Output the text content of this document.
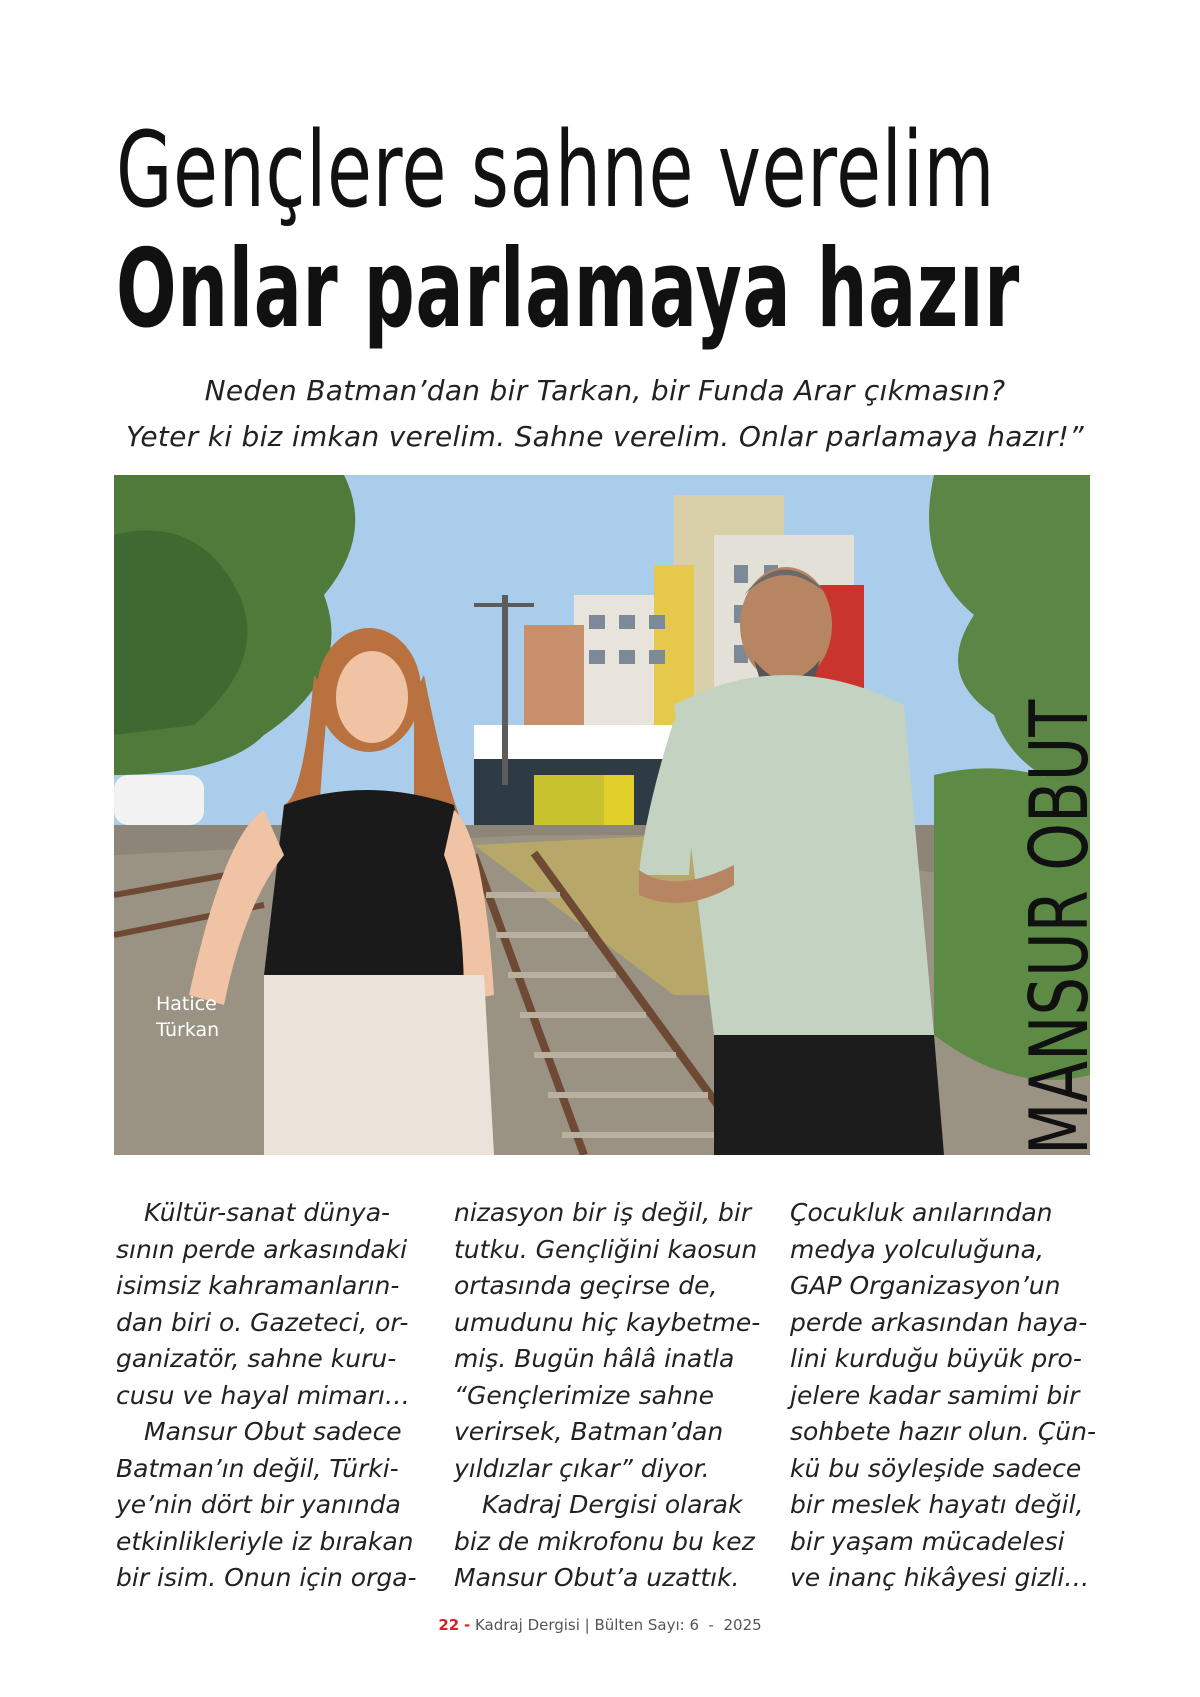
Gençlere sahne verelim
Onlar parlamaya hazır
Neden Batman’dan bir Tarkan, bir Funda Arar çıkmasın?
Yeter ki biz imkan verelim. Sahne verelim. Onlar parlamaya hazır!”
Hatice
Türkan	MANSUR OBUT
Kültür-sanat dünya-
sının perde arkasındaki
isimsiz kahramanların-
dan biri o. Gazeteci, or-
ganizatör, sahne kuru-
cusu ve hayal mimarı…
Mansur Obut sadece
Batman’ın değil, Türki-
ye’nin dört bir yanında
etkinlikleriyle iz bırakan
bir isim. Onun için orga-
nizasyon bir iş değil, bir
tutku. Gençliğini kaosun
ortasında geçirse de,
umudunu hiç kaybetme-
miş. Bugün hâlâ inatla
“Gençlerimize sahne
verirsek, Batman’dan
yıldızlar çıkar” diyor.
Kadraj Dergisi olarak
biz de mikrofonu bu kez
Mansur Obut’a uzattık.
Çocukluk anılarından
medya yolculuğuna,
GAP Organizasyon’un
perde arkasından haya-
lini kurduğu büyük pro-
jelere kadar samimi bir
sohbete hazır olun. Çün-
kü bu söyleşide sadece
bir meslek hayatı değil,
bir yaşam mücadelesi
ve inanç hikâyesi gizli…
22 - Kadraj Dergisi | Bülten Sayı: 6 - 2025
